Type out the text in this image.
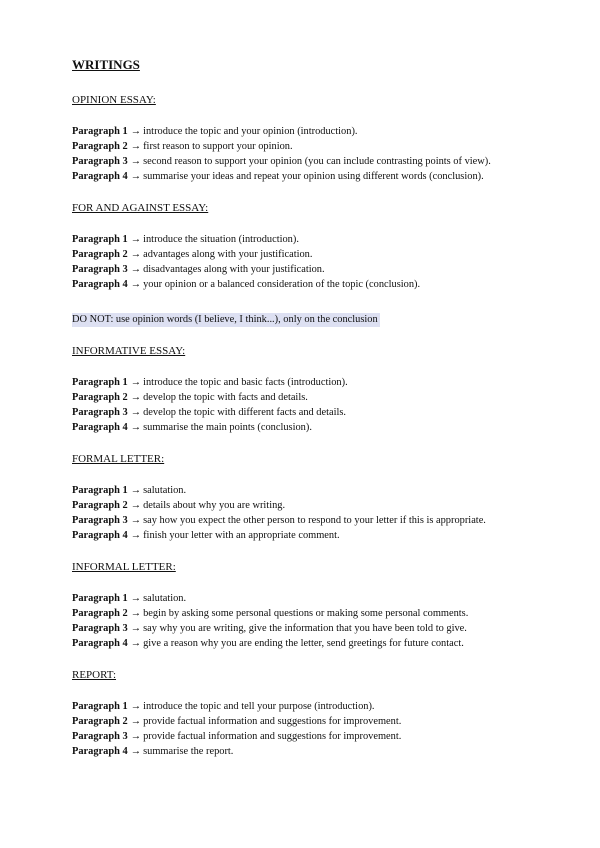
WRITINGS
OPINION ESSAY:
Paragraph 1 → introduce the topic and your opinion (introduction).
Paragraph 2 → first reason to support your opinion.
Paragraph 3 → second reason to support your opinion (you can include contrasting points of view).
Paragraph 4 → summarise your ideas and repeat your opinion using different words (conclusion).
FOR AND AGAINST ESSAY:
Paragraph 1 → introduce the situation (introduction).
Paragraph 2 → advantages along with your justification.
Paragraph 3 → disadvantages along with your justification.
Paragraph 4 → your opinion or a balanced consideration of the topic (conclusion).
DO NOT: use opinion words (I believe, I think...), only on the conclusion
INFORMATIVE ESSAY:
Paragraph 1 → introduce the topic and basic facts (introduction).
Paragraph 2 → develop the topic with facts and details.
Paragraph 3 → develop the topic with different facts and details.
Paragraph 4 → summarise the main points (conclusion).
FORMAL LETTER:
Paragraph 1 → salutation.
Paragraph 2 → details about why you are writing.
Paragraph 3 → say how you expect the other person to respond to your letter if this is appropriate.
Paragraph 4 → finish your letter with an appropriate comment.
INFORMAL LETTER:
Paragraph 1 → salutation.
Paragraph 2 → begin by asking some personal questions or making some personal comments.
Paragraph 3 → say why you are writing, give the information that you have been told to give.
Paragraph 4 → give a reason why you are ending the letter, send greetings for future contact.
REPORT:
Paragraph 1 → introduce the topic and tell your purpose (introduction).
Paragraph 2 → provide factual information and suggestions for improvement.
Paragraph 3 → provide factual information and suggestions for improvement.
Paragraph 4 → summarise the report.
